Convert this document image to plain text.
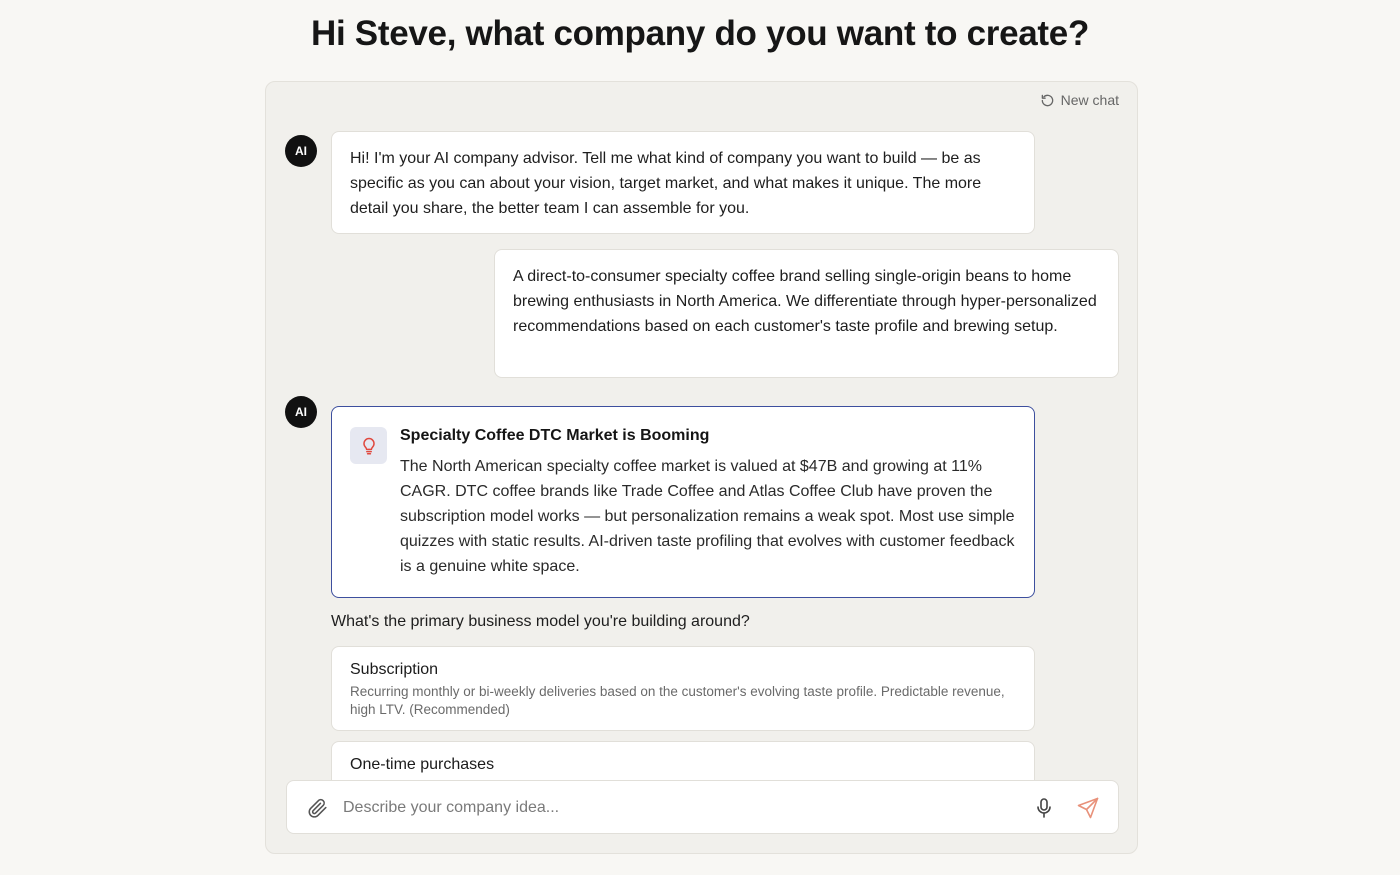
Hi Steve, what company do you want to create?
New chat
AI	Hi! I'm your AI company advisor. Tell me what kind of company you want to build — be as specific as you can about your vision, target market, and what makes it unique. The more detail you share, the better team I can assemble for you.
A direct-to-consumer specialty coffee brand selling single-origin beans to home brewing enthusiasts in North America. We differentiate through hyper-personalized recommendations based on each customer's taste profile and brewing setup.
AI
Specialty Coffee DTC Market is Booming
The North American specialty coffee market is valued at $47B and growing at 11% CAGR. DTC coffee brands like Trade Coffee and Atlas Coffee Club have proven the subscription model works — but personalization remains a weak spot. Most use simple quizzes with static results. AI-driven taste profiling that evolves with customer feedback is a genuine white space.
What's the primary business model you're building around?
Subscription
Recurring monthly or bi-weekly deliveries based on the customer's evolving taste profile. Predictable revenue, high LTV. (Recommended)
One-time purchases
Describe your company idea...
